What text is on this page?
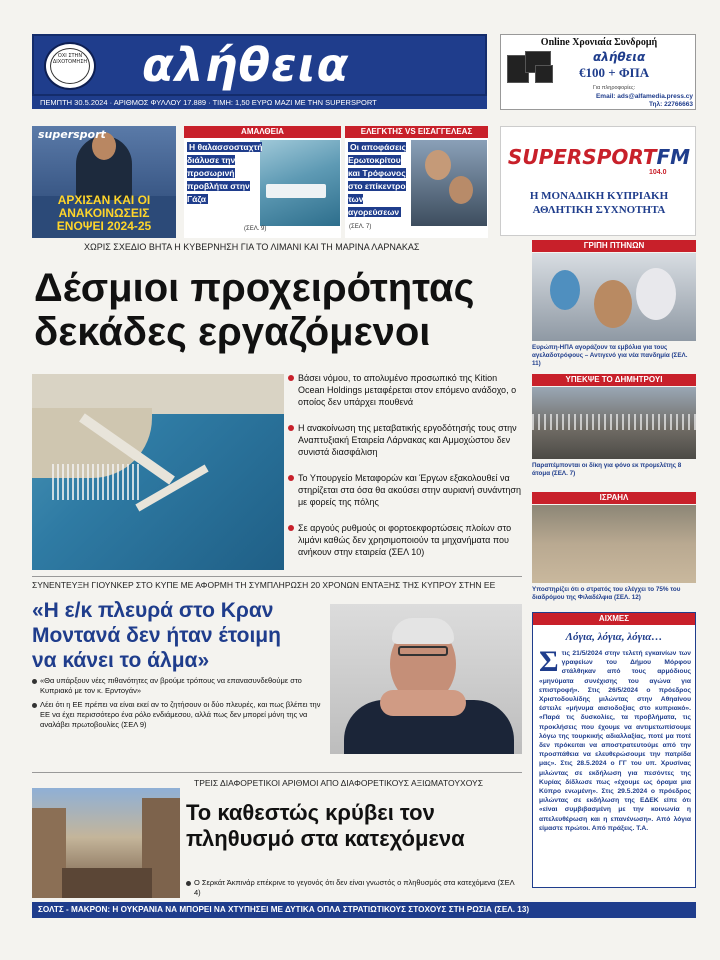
ΟΧΙ ΣΤΗΝ ΔΙΧΟΤΟΜΗΣΗ αλήθεια
ΠΕΜΠΤΗ 30.5.2024 · ΑΡΙΘΜΟΣ ΦΥΛΛΟΥ 17.889 · ΤΙΜΗ: 1,50 ΕΥΡΩ ΜΑΖΙ ΜΕ ΤΗΝ SUPERSPORT
Online Χρονιαία Συνδρομή
αλήθεια
€100 + ΦΠΑ
Για πληροφορίες:
Email: ads@alfamedia.press.cy
Τηλ: 22766663
supersport
ΑΡΧΙΣΑΝ ΚΑΙ ΟΙ ΑΝΑΚΟΙΝΩΣΕΙΣ ΕΝΟΨΕΙ 2024-25
ΑΜΑΛΘΕΙΑ
Η θαλασσοσταχτή διάλυσε την προσωρινή προβλήτα στην Γάζα
(ΣΕΛ. 9)
ΕΛΕΓΚΤΗΣ VS ΕΙΣΑΓΓΕΛΕΑΣ
Οι αποφάσεις Ερωτοκρίτου και Τρόφωνος στο επίκεντρο των αγορεύσεων
(ΣΕΛ. 7)
SUPERSPORTFM
104.0
Η ΜΟΝΑΔΙΚΗ ΚΥΠΡΙΑΚΗ ΑΘΛΗΤΙΚΗ ΣΥΧΝΟΤΗΤΑ
ΧΩΡΙΣ ΣΧΕΔΙΟ ΒΗΤΑ Η ΚΥΒΕΡΝΗΣΗ ΓΙΑ ΤΟ ΛΙΜΑΝΙ ΚΑΙ ΤΗ ΜΑΡΙΝΑ ΛΑΡΝΑΚΑΣ
Δέσμιοι προχειρότητας
δεκάδες εργαζόμενοι
Βάσει νόμου, το απολυμένο προσωπικό της Kition Ocean Holdings μεταφέρεται στον επόμενο ανάδοχο, ο οποίος δεν υπάρχει πουθενά
Η ανακοίνωση της μεταβατικής εργοδότησής τους στην Αναπτυξιακή Εταιρεία Λάρνακας και Αμμοχώστου δεν συνιστά διασφάλιση
Το Υπουργείο Μεταφορών και Έργων εξακολουθεί να στηρίζεται στα όσα θα ακούσει στην αυριανή συνάντηση με φορείς της πόλης
Σε αργούς ρυθμούς οι φορτοεκφορτώσεις πλοίων στο λιμάνι καθώς δεν χρησιμοποιούν τα μηχανήματα που ανήκουν στην εταιρεία (ΣΕΛ 10)
ΣΥΝΕΝΤΕΥΞΗ ΓΙΟΥΝΚΕΡ ΣΤΟ ΚΥΠΕ ΜΕ ΑΦΟΡΜΗ ΤΗ ΣΥΜΠΛΗΡΩΣΗ 20 ΧΡΟΝΩΝ ΕΝΤΑΞΗΣ ΤΗΣ ΚΥΠΡΟΥ ΣΤΗΝ ΕΕ
«Η ε/κ πλευρά στο Κραν
Μοντανά δεν ήταν έτοιμη
να κάνει το άλμα»
«Θα υπάρξουν νέες πιθανότητες αν βρούμε τρόπους να επανασυνδεθούμε στο Κυπριακό με τον κ. Ερντογάν»
Λέει ότι η ΕΕ πρέπει να είναι εκεί αν το ζητήσουν οι δύο πλευρές, και πως βλέπει την ΕΕ να έχει περισσότερο ένα ρόλο ενδιάμεσου, αλλά πως δεν μπορεί μόνη της να αναλάβει πρωτοβουλίες (ΣΕΛ 9)
ΤΡΕΙΣ ΔΙΑΦΟΡΕΤΙΚΟΙ ΑΡΙΘΜΟΙ ΑΠΟ ΔΙΑΦΟΡΕΤΙΚΟΥΣ ΑΞΙΩΜΑΤΟΥΧΟΥΣ
Το καθεστώς κρύβει τον
πληθυσμό στα κατεχόμενα
Ο Σερκάτ Άκπινάρ επέκρινε το γεγονός ότι δεν είναι γνωστός ο πληθυσμός στα κατεχόμενα (ΣΕΛ 4)
ΓΡΙΠΗ ΠΤΗΝΩΝ
Ευρώπη-ΗΠΑ αγοράζουν τα εμβόλια για τους αγελαδοτρόφους – Αντιγενό για νέα πανδημία (ΣΕΛ. 11)
ΥΠΕΚΨΕ ΤΟ ΔΗΜΗΤΡΟΥΙ
Παραπέμπονται οι δίκη για φόνο εκ προμελέτης 8 άτομα (ΣΕΛ. 7)
ΙΣΡΑΗΛ
Υποστηρίζει ότι ο στρατός του ελέγχει το 75% του διαδρόμου της Φιλαδέλφια (ΣΕΛ. 12)
ΑΙΧΜΕΣ
Λόγια, λόγια, λόγια…
Σ τις 21/5/2024 στην τελετή εγκαινίων των γραφείων του Δήμου Μόρφου στάλθηκαν από τους αρμόδιους «μηνύματα συνέχισης του αγώνα για επιστροφή». Στις 26/5/2024 ο πρόεδρος Χριστοδουλίδης μιλώντας στην Αθηαίνου έστειλε «μήνυμα αισιοδοξίας στο κυπριακό». «Παρά τις δυσκολίες, τα προβλήματα, τις προκλήσεις που έχουμε να αντιμετωπίσουμε λόγω της τουρκικής αδιαλλαξίας, ποτέ μα ποτέ δεν πρόκειται να αποστρατευτούμε από την προσπάθεια να ελευθερώσουμε την πατρίδα μας». Στις 28.5.2024 ο ΓΓ του υπ. Χρυσίνας μιλώντας σε εκδήλωση για πεσόντες της Κυρίας δίδλωσε πως «έχουμε ως όραμα μια Κύπρο ενωμένη». Στις 29.5.2024 ο πρόεδρος μιλώντας σε εκδήλωση της ΕΔΕΚ είπε ότι «είναι συμβιβασμένη με την κοινωνία η απελευθέρωση και η επανένωση». Από λόγια είμαστε πρώτοι. Από πράξεις. Τ.Α.
ΣΟΛΤΣ - ΜΑΚΡΟΝ: Η ΟΥΚΡΑΝΙΑ ΝΑ ΜΠΟΡΕΙ ΝΑ ΧΤΥΠΗΣΕΙ ΜΕ ΔΥΤΙΚΑ ΟΠΛΑ ΣΤΡΑΤΙΩΤΙΚΟΥΣ ΣΤΟΧΟΥΣ ΣΤΗ ΡΩΣΙΑ (ΣΕΛ. 13)
